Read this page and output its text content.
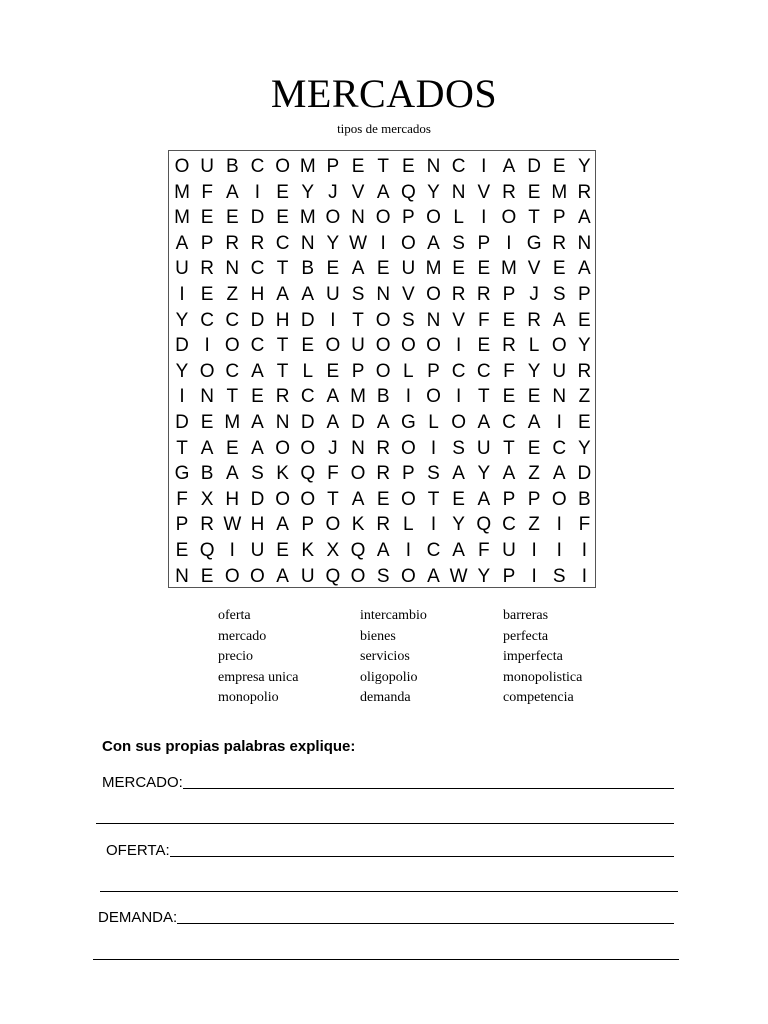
MERCADOS
tipos de mercados
O U B C O M P E T E N C I A D E Y
M F A I E Y J V A Q Y N V R E M R
M E E D E M O N O P O L I O T P A
A P R R C N Y W I O A S P I G R N
U R N C T B E A E U M E E M V E A
I E Z H A A U S N V O R R P J S P
Y C C D H D I T O S N V F E R A E
D I O C T E O U O O O I E R L O Y
Y O C A T L E P O L P C C F Y U R
I N T E R C A M B I O I T E E N Z
D E M A N D A D A G L O A C A I E
T A E A O O J N R O I S U T E C Y
G B A S K Q F O R P S A Y A Z A D
F X H D O O T A E O T E A P P O B
P R W H A P O K R L I Y Q C Z I F
E Q I U E K X Q A I C A F U I	I	I
N E O O A U Q O S O A W Y P I S I
oferta
mercado
precio
empresa unica
monopolio
intercambio
bienes
servicios
oligopolio
demanda
barreras
perfecta
imperfecta
monopolistica
competencia
Con sus propias palabras explique:
MERCADO:
OFERTA:
DEMANDA:
